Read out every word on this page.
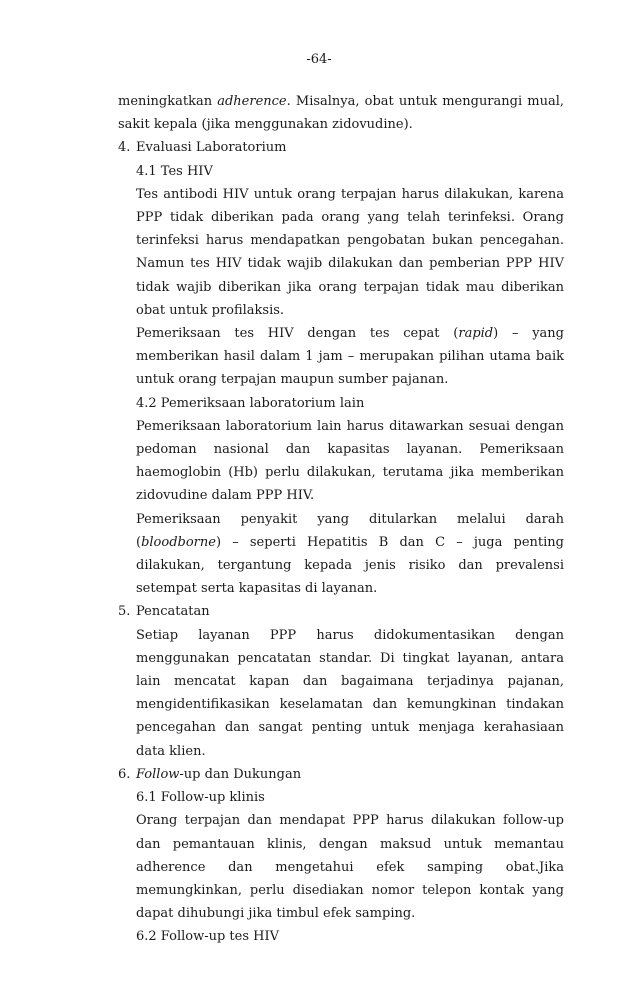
-64-
meningkatkan adherence. Misalnya, obat untuk mengurangi mual, sakit kepala (jika menggunakan zidovudine).
4. Evaluasi Laboratorium
4.1 Tes HIV
Tes antibodi HIV untuk orang terpajan harus dilakukan, karena PPP tidak diberikan pada orang yang telah terinfeksi. Orang terinfeksi harus mendapatkan pengobatan bukan pencegahan. Namun tes HIV tidak wajib dilakukan dan pemberian PPP HIV tidak wajib diberikan jika orang terpajan tidak mau diberikan obat untuk profilaksis.
Pemeriksaan tes HIV dengan tes cepat (rapid) – yang memberikan hasil dalam 1 jam – merupakan pilihan utama baik untuk orang terpajan maupun sumber pajanan.
4.2 Pemeriksaan laboratorium lain
Pemeriksaan laboratorium lain harus ditawarkan sesuai dengan pedoman nasional dan kapasitas layanan. Pemeriksaan haemoglobin (Hb) perlu dilakukan, terutama jika memberikan zidovudine dalam PPP HIV.
Pemeriksaan penyakit yang ditularkan melalui darah (bloodborne) – seperti Hepatitis B dan C – juga penting dilakukan, tergantung kepada jenis risiko dan prevalensi setempat serta kapasitas di layanan.
5. Pencatatan
Setiap layanan PPP harus didokumentasikan dengan menggunakan pencatatan standar. Di tingkat layanan, antara lain mencatat kapan dan bagaimana terjadinya pajanan, mengidentifikasikan keselamatan dan kemungkinan tindakan pencegahan dan sangat penting untuk menjaga kerahasiaan data klien.
6. Follow-up dan Dukungan
6.1 Follow-up klinis
Orang terpajan dan mendapat PPP harus dilakukan follow-up dan pemantauan klinis, dengan maksud untuk memantau adherence dan mengetahui efek samping obat.Jika memungkinkan, perlu disediakan nomor telepon kontak yang dapat dihubungi jika timbul efek samping.
6.2 Follow-up tes HIV
